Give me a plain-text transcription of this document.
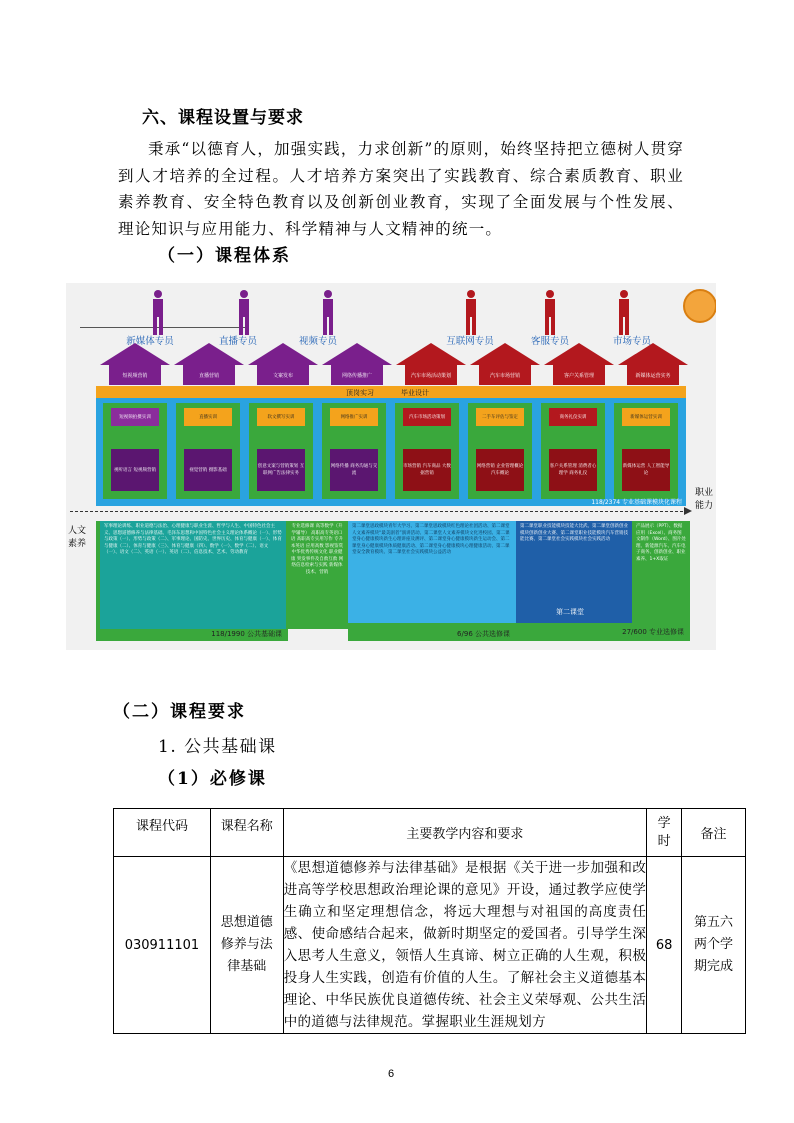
六、课程设置与要求
秉承“以德育人，加强实践，力求创新”的原则，始终坚持把立德树人贯穿到人才培养的全过程。人才培养方案突出了实践教育、综合素质教育、职业素养教育、安全特色教育以及创新创业教育，实现了全面发展与个性发展、理论知识与应用能力、科学精神与人文精神的统一。
（一）课程体系
新媒体专员	直播专员	视频专员	互联网专员	客服专员	市场专员
短视频营销	直播营销	文案发布	网络传播推广	汽车市场活动策划	汽车市场营销	客户关系管理	新媒体运营实务
顶岗实习	毕业设计
短视频拍摄实训
视听语言 短视频营销
直播实训
视觉营销 摄影基础
软文撰写实训
创意文案与营销策划 互联网广告法律实务
网络推广实训
网络传播 商务沟通与交流
汽车市场活动策划
市场营销 汽车商品 大数据营销
二手车评估与鉴定
网络营销 企业管理概论 汽车概论
商务礼仪实训
客户关系管理 消费者心理学 商务礼仪
新媒体运营实训
新媒体运营 人工智能导论
118/2374 专业基础课模块化课程
职业能力
人文素养
118/1990 公共基础课
军事理论训练、职业道德与法治、心理健康与职业生涯、哲学与人生、中国特色社会主义、思想道德修养与法律基础、毛泽东思想和中国特色社会主义理论体系概论（一）、形势与政策（一）、形势与政策（二）、军事理论、国防史、世界历史、体育与健康（一）、体育与健康（二）、体育与健康（三）、体育与健康（四）、数学（一）、数学（二）、语文（一）、语文（二）、英语（一）、英语（二）、信息技术、艺术、劳动教育
专业选修课 高等数学（升学辅导） 高职高专英语口语 高职高专实用写作 专升本英语 应用高数 影视鉴赏 中华优秀传统文化 职业健康 突发事件及自救互救 网络信息检索与实践 新媒体技术、营销
6/96 公共选修课
第二课堂思政模块青年大学习、第二课堂思政模块红色理论社团活动、第二课堂人文素养模块“最美剧者”演讲活动、第二课堂人文素养模块文化进校园、第二课堂身心健康模块新生心理讲座及测评、第二课堂身心健康模块新生运动会、第二课堂身心健康模块体质健康活动、第二课堂身心健康模块心理健康活动、第二课堂安全教育模块、第二课堂社会实践模块公益活动
第二课堂职业技能模块技能大比武、第二课堂创新创业模块创新创业大赛、第二课堂职业技能模块汽车营销技能比赛、第二课堂社会实践模块社会实践活动
第二课堂
产品展示（PPT）、数据应用（Excel）、商务图文制作（Word）、图片处理、新能源汽车、汽车电子商务、创新创业、职业素养、1+X取证
27/600 专业选修课
（二）课程要求
1. 公共基础课
（1）必修课
课程代码	课程名称	主要教学内容和要求	学时	备注
030911101	思想道德修养与法律基础	《思想道德修养与法律基础》是根据《关于进一步加强和改进高等学校思想政治理论课的意见》开设，通过教学应使学生确立和坚定理想信念，将远大理想与对祖国的高度责任感、使命感结合起来，做新时期坚定的爱国者。引导学生深入思考人生意义，领悟人生真谛、树立正确的人生观，积极投身人生实践，创造有价值的人生。了解社会主义道德基本理论、中华民族优良道德传统、社会主义荣辱观、公共生活中的道德与法律规范。掌握职业生涯规划方	68	第五六两个学期完成
6
